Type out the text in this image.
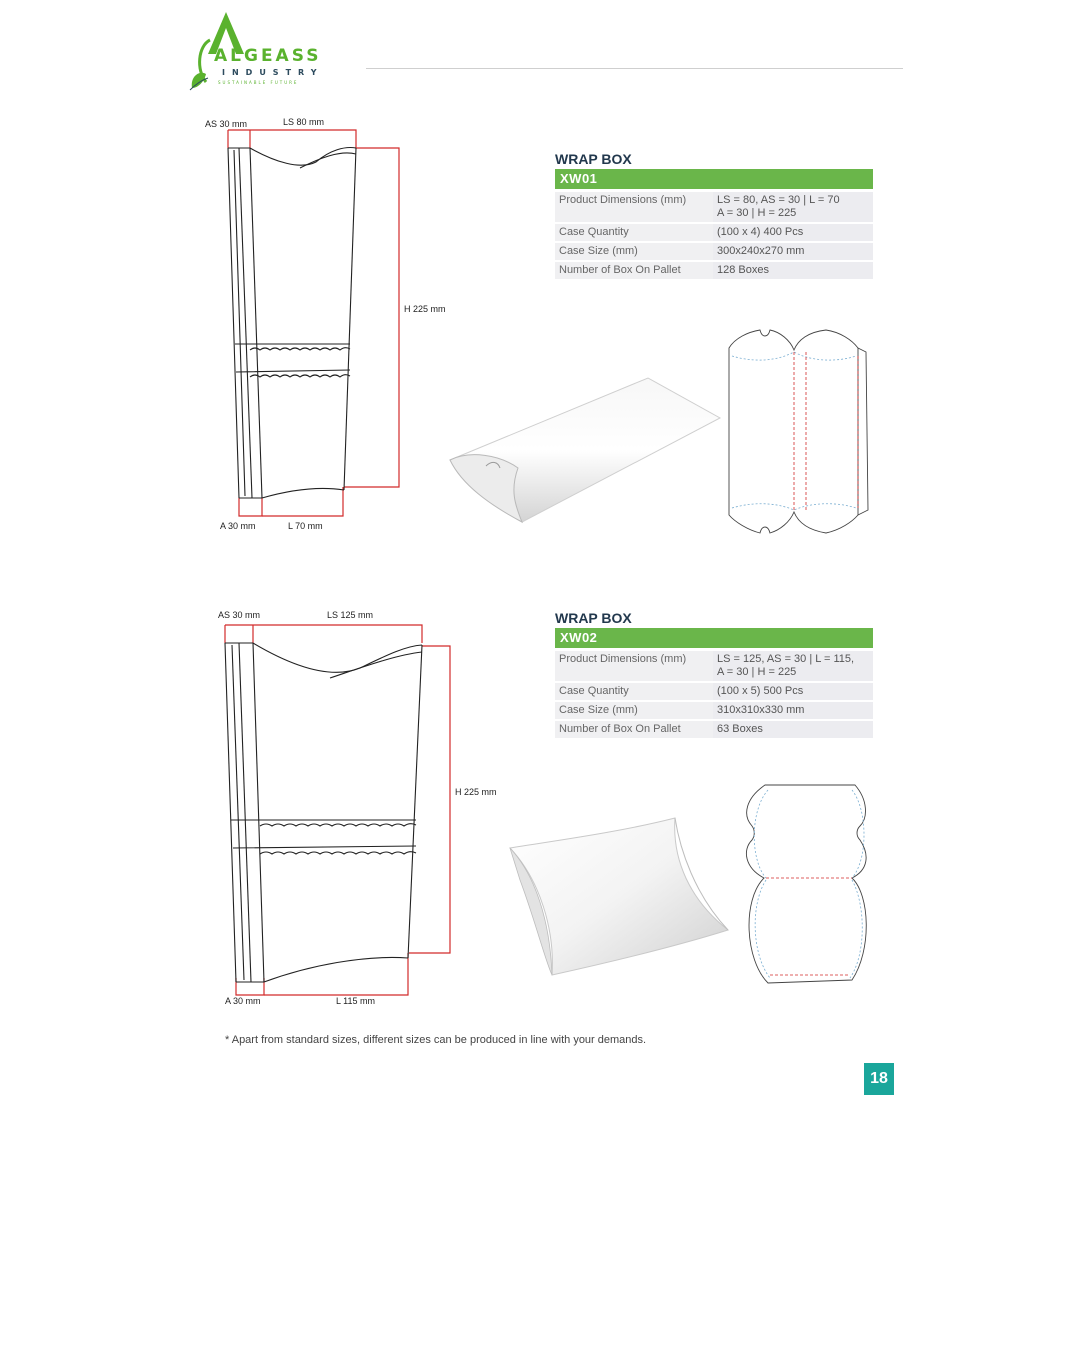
ALGEASS
INDUSTRY
SUSTAINABLE FUTURE
AS 30 mm	LS 80 mm
H 225 mm
A 30 mm	L 70 mm
WRAP BOX
XW01
Product Dimensions (mm)	LS = 80, AS = 30 | L = 70
A = 30 | H = 225
Case Quantity	(100 x 4) 400 Pcs
Case Size (mm)	300x240x270 mm
Number of Box On Pallet	128 Boxes
AS 30 mm	LS 125 mm
H 225 mm
A 30 mm	L 115 mm
WRAP BOX
XW02
Product Dimensions (mm)	LS = 125, AS = 30 | L = 115,
A = 30 | H = 225
Case Quantity	(100 x 5) 500 Pcs
Case Size (mm)	310x310x330 mm
Number of Box On Pallet	63 Boxes
* Apart from standard sizes, different sizes can be produced in line with your demands.
18
